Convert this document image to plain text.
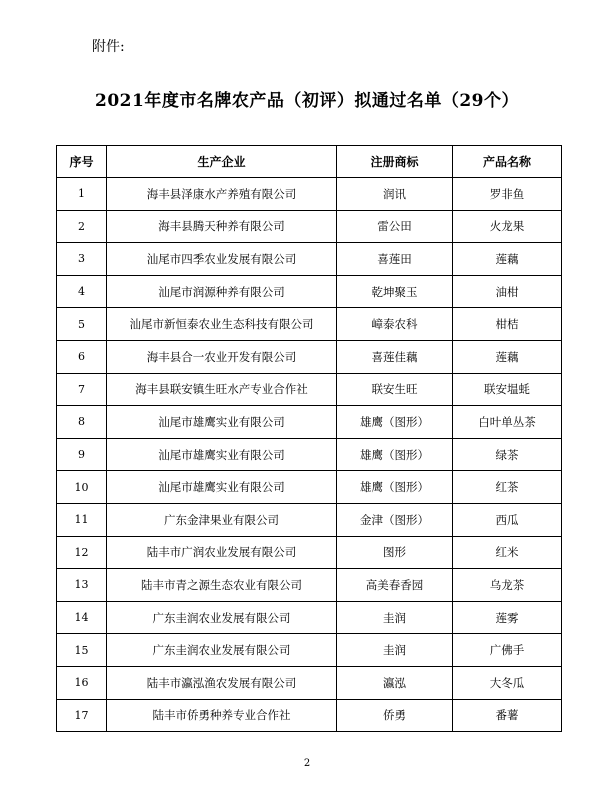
附件:
2021年度市名牌农产品（初评）拟通过名单（29个）
序号	生产企业	注册商标	产品名称
1	海丰县泽康水产养殖有限公司	润讯	罗非鱼
2	海丰县腾天种养有限公司	雷公田	火龙果
3	汕尾市四季农业发展有限公司	喜莲田	莲藕
4	汕尾市润源种养有限公司	乾坤聚玉	油柑
5	汕尾市新恒泰农业生态科技有限公司	嶂泰农科	柑桔
6	海丰县合一农业开发有限公司	喜莲佳藕	莲藕
7	海丰县联安镇生旺水产专业合作社	联安生旺	联安塭蚝
8	汕尾市雄鹰实业有限公司	雄鹰（图形）	白叶单丛茶
9	汕尾市雄鹰实业有限公司	雄鹰（图形）	绿茶
10	汕尾市雄鹰实业有限公司	雄鹰（图形）	红茶
11	广东金津果业有限公司	金津（图形）	西瓜
12	陆丰市广润农业发展有限公司	图形	红米
13	陆丰市青之源生态农业有限公司	高美春香园	乌龙茶
14	广东圭润农业发展有限公司	圭润	莲雾
15	广东圭润农业发展有限公司	圭润	广佛手
16	陆丰市瀛泓渔农发展有限公司	瀛泓	大冬瓜
17	陆丰市侨勇种养专业合作社	侨勇	番薯
2
